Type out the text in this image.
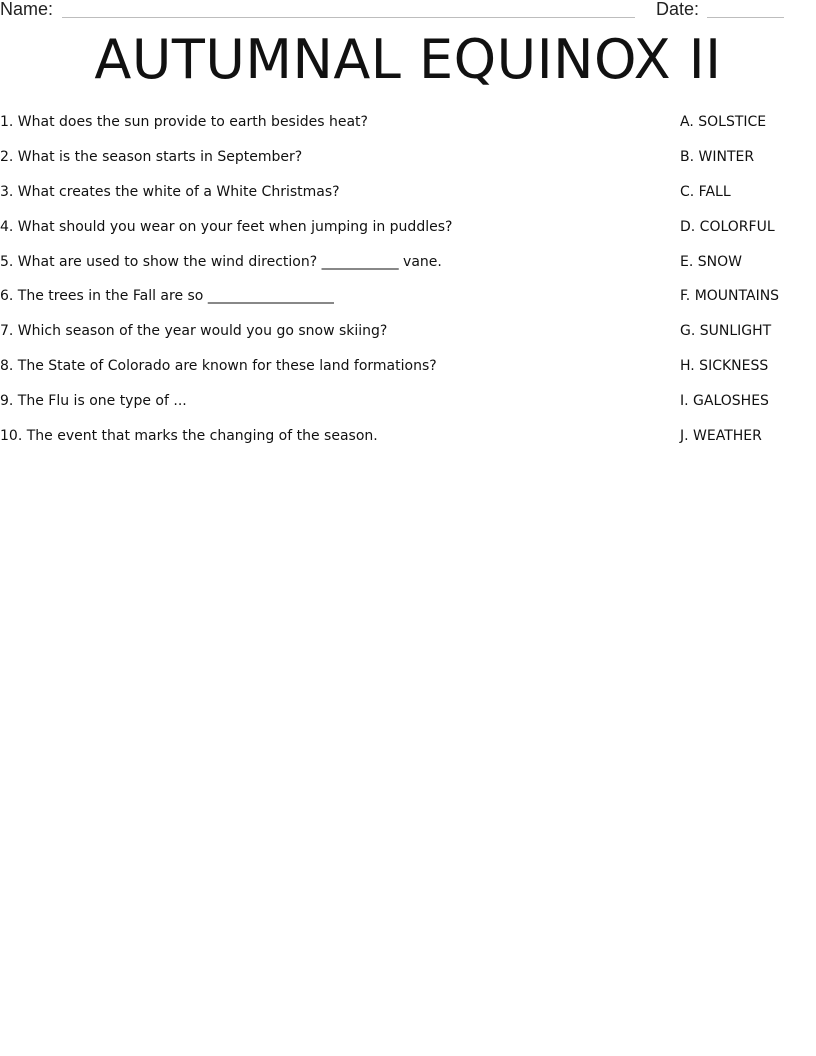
Name:	Date:
AUTUMNAL EQUINOX II
1. What does the sun provide to earth besides heat?
2. What is the season starts in September?
3. What creates the white of a White Christmas?
4. What should you wear on your feet when jumping in puddles?
5. What are used to show the wind direction? ___________ vane.
6. The trees in the Fall are so __________________
7. Which season of the year would you go snow skiing?
8. The State of Colorado are known for these land formations?
9. The Flu is one type of ...
10. The event that marks the changing of the season.
A. SOLSTICE
B. WINTER
C. FALL
D. COLORFUL
E. SNOW
F. MOUNTAINS
G. SUNLIGHT
H. SICKNESS
I. GALOSHES
J. WEATHER
